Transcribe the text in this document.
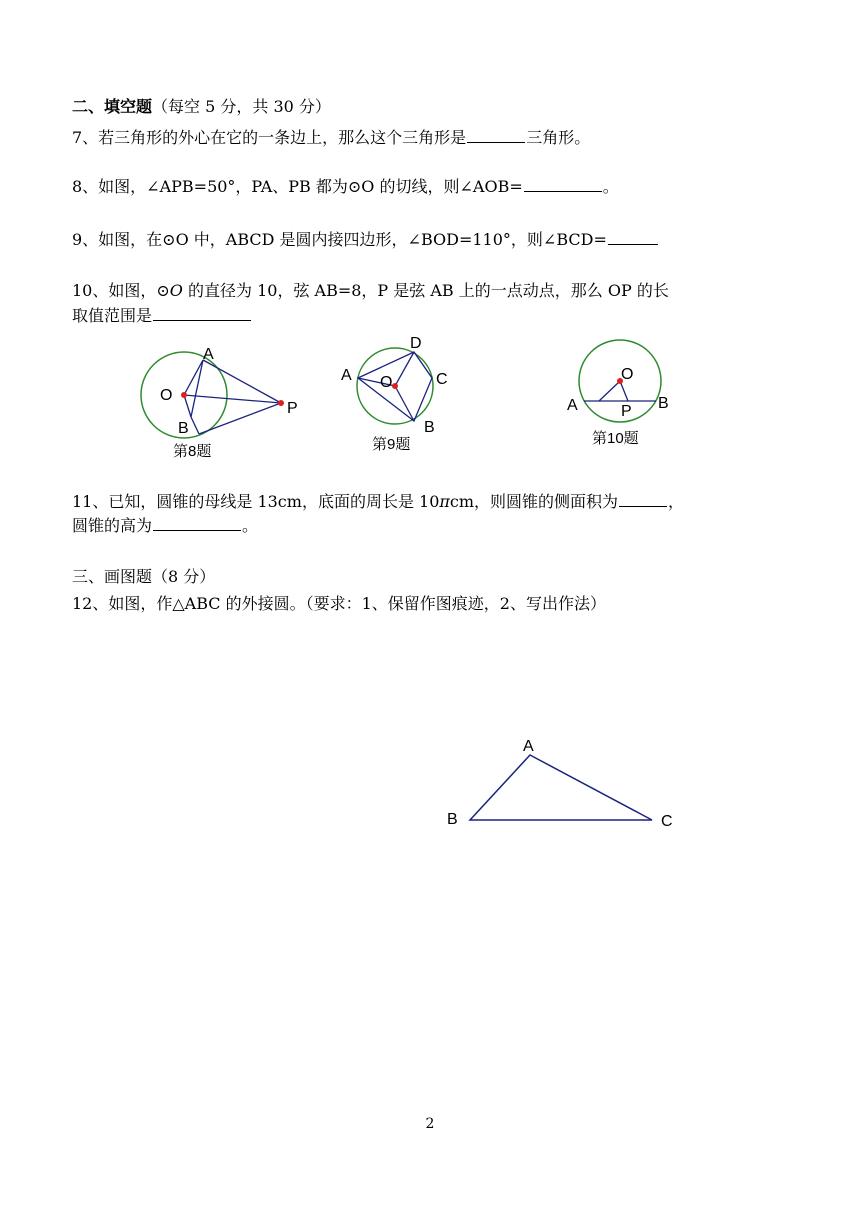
二、填空题（每空 5 分，共 30 分）
7、若三角形的外心在它的一条边上，那么这个三角形是	三角形。
8、如图，∠APB=50°，PA、PB 都为⊙O 的切线，则∠AOB=	。
9、如图，在⊙O 中，ABCD 是圆内接四边形，∠BOD=110°，则∠BCD=
10、如图，⊙O 的直径为 10，弦 AB=8，P 是弦 AB 上的一点动点，那么 OP 的长
取值范围是
A
O
B
P
第8题
A O
D
C
B
第9题
O
A	P B
第10题
A
B	C
11、已知，圆锥的母线是 13cm，底面的周长是 10πcm，则圆锥的侧面积为	，
圆锥的高为	。
三、画图题（8 分）
12、如图，作△ABC 的外接圆。（要求：1、保留作图痕迹，2、写出作法）
2
